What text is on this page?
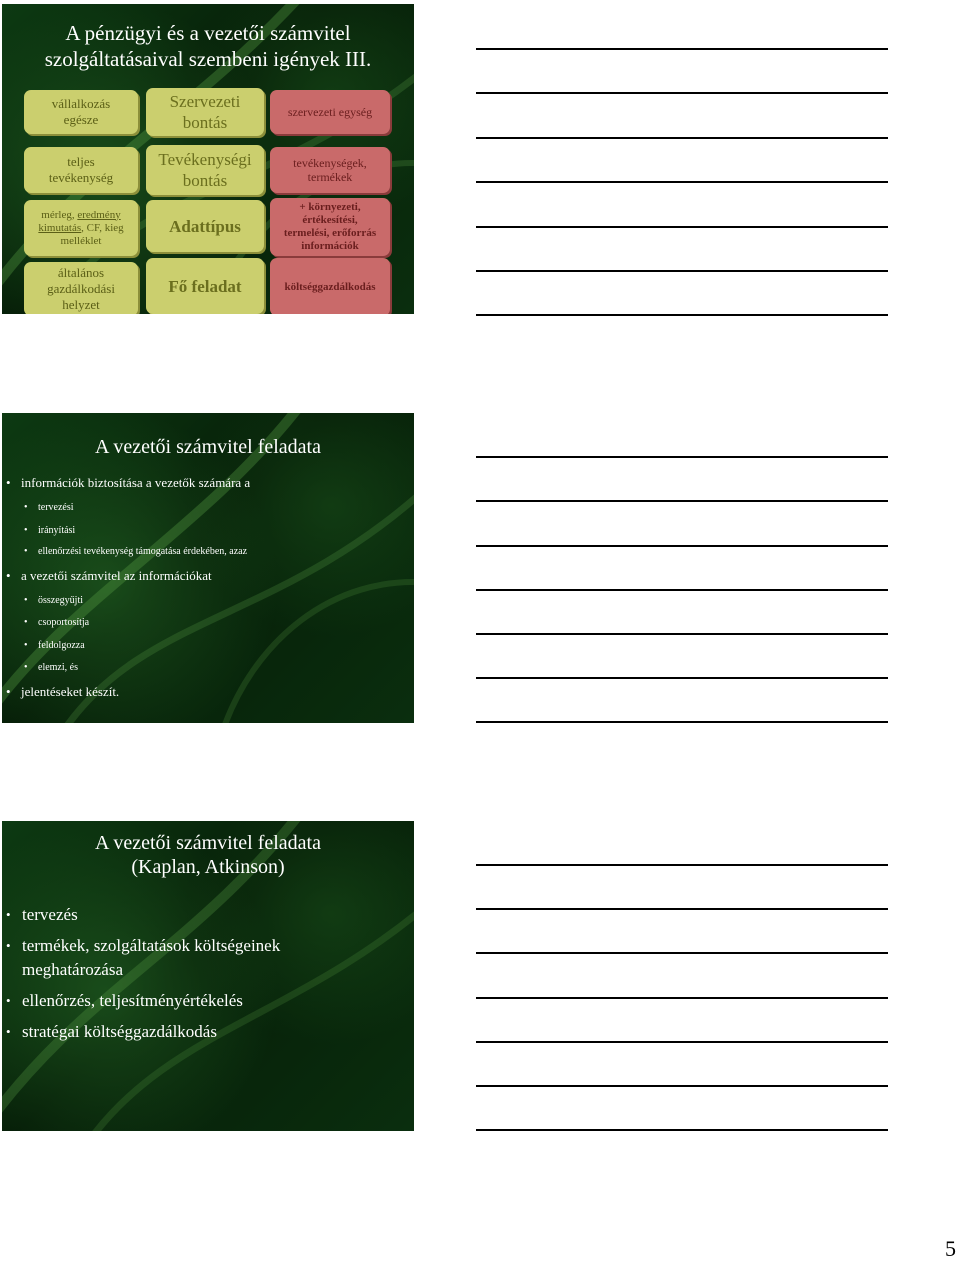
A pénzügyi és a vezetői számvitel
szolgáltatásaival szembeni igények III.
vállalkozás
egésze
Szervezeti
bontás
szervezeti egység
teljes
tevékenység
Tevékenységi
bontás
tevékenységek,
termékek
mérleg, eredmény
kimutatás, CF, kieg
melléklet
Adattípus
+ környezeti,
értékesítési,
termelési, erőforrás
információk
általános
gazdálkodási
helyzet
Fő feladat	költséggazdálkodás
A vezetői számvitel feladata
• információk biztosítása a vezetők számára a
• tervezési
• irányítási
• ellenőrzési tevékenység támogatása érdekében, azaz
• a vezetői számvitel az információkat
• összegyűjti
• csoportosítja
• feldolgozza
• elemzi, és
• jelentéseket készít.
A vezetői számvitel feladata
(Kaplan, Atkinson)
• tervezés
• termékek, szolgáltatások költségeinek
meghatározása
• ellenőrzés, teljesítményértékelés
• stratégai költséggazdálkodás
5
